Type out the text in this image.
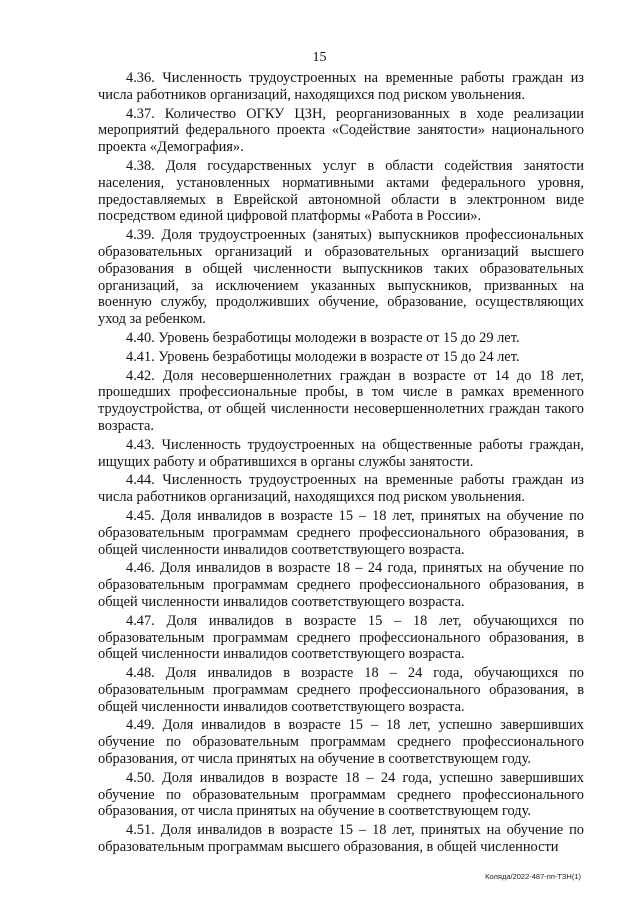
15

4.36. Численность трудоустроенных на временные работы граждан из числа работников организаций, находящихся под риском увольнения.

4.37. Количество ОГКУ ЦЗН, реорганизованных в ходе реализации мероприятий федерального проекта «Содействие занятости» национального проекта «Демография».

4.38. Доля государственных услуг в области содействия занятости населения, установленных нормативными актами федерального уровня, предоставляемых в Еврейской автономной области в электронном виде посредством единой цифровой платформы «Работа в России».

4.39. Доля трудоустроенных (занятых) выпускников профессиональных образовательных организаций и образовательных организаций высшего образования в общей численности выпускников таких образовательных организаций, за исключением указанных выпускников, призванных на военную службу, продолживших обучение, образование, осуществляющих уход за ребенком.

4.40. Уровень безработицы молодежи в возрасте от 15 до 29 лет.

4.41. Уровень безработицы молодежи в возрасте от 15 до 24 лет.

4.42. Доля несовершеннолетних граждан в возрасте от 14 до 18 лет, прошедших профессиональные пробы, в том числе в рамках временного трудоустройства, от общей численности несовершеннолетних граждан такого возраста.

4.43. Численность трудоустроенных на общественные работы граждан, ищущих работу и обратившихся в органы службы занятости.

4.44. Численность трудоустроенных на временные работы граждан из числа работников организаций, находящихся под риском увольнения.

4.45. Доля инвалидов в возрасте 15 – 18 лет, принятых на обучение по образовательным программам среднего профессионального образования, в общей численности инвалидов соответствующего возраста.

4.46. Доля инвалидов в возрасте 18 – 24 года, принятых на обучение по образовательным программам среднего профессионального образования, в общей численности инвалидов соответствующего возраста.

4.47. Доля инвалидов в возрасте 15 – 18 лет, обучающихся по образовательным программам среднего профессионального образования, в общей численности инвалидов соответствующего возраста.

4.48. Доля инвалидов в возрасте 18 – 24 года, обучающихся по образовательным программам среднего профессионального образования, в общей численности инвалидов соответствующего возраста.

4.49. Доля инвалидов в возрасте 15 – 18 лет, успешно завершивших обучение по образовательным программам среднего профессионального образования, от числа принятых на обучение в соответствующем году.

4.50. Доля инвалидов в возрасте 18 – 24 года, успешно завершивших обучение по образовательным программам среднего профессионального образования, от числа принятых на обучение в соответствующем году.

4.51. Доля инвалидов в возрасте 15 – 18 лет, принятых на обучение по образовательным программам высшего образования, в общей численности

Коляда/2022-487-пп-ТЗН(1)
